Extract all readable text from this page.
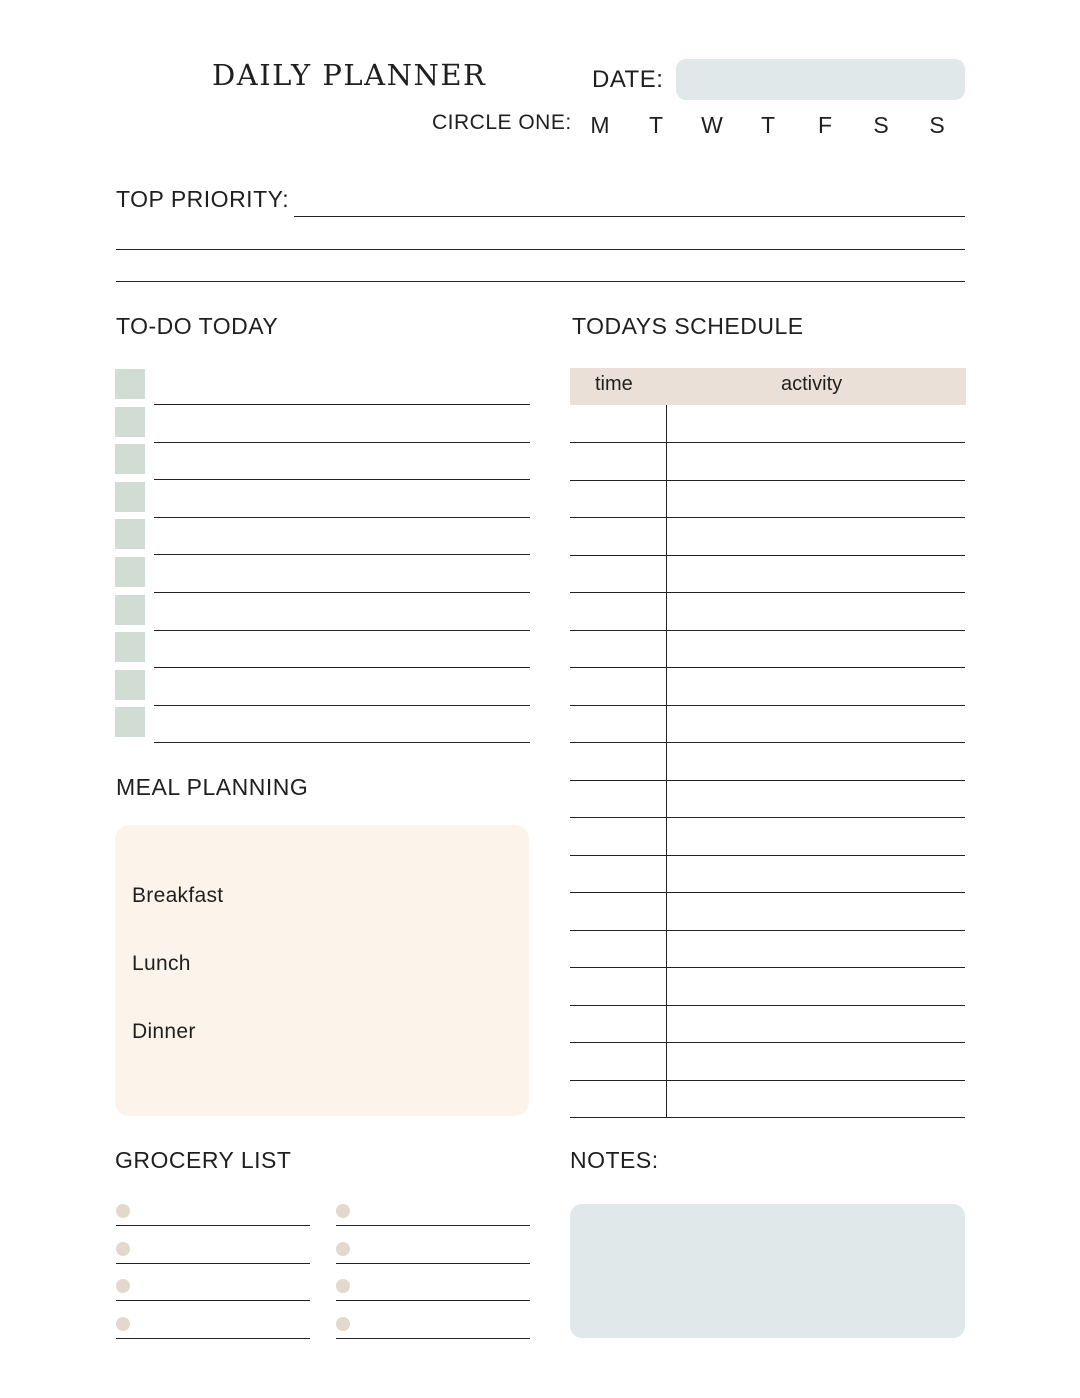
DAILY PLANNER	DATE:
CIRCLE ONE: M	T	W	T	F	S	S
TOP PRIORITY:
TO-DO TODAY	TODAYS SCHEDULE
time	activity
MEAL PLANNING
Breakfast
Lunch
Dinner
GROCERY LIST	NOTES:
